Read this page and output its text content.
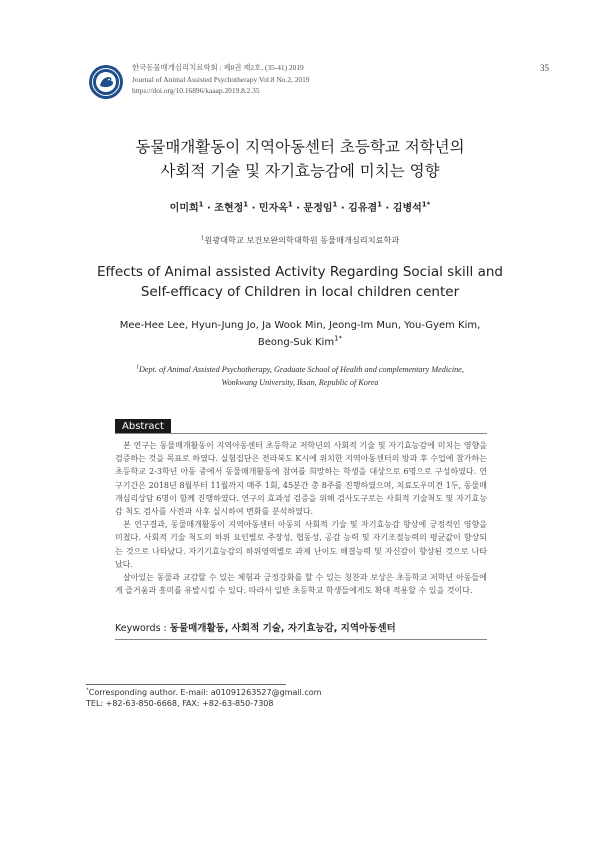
한국동물매개심리치료학회 : 제8권 제2호, (35-41) 2019
Journal of Animal Assisted Psychotherapy Vol.8 No.2, 2019
https://doi.org/10.16896/kaaap.2019.8.2.35
35
동물매개활동이 지역아동센터 초등학교 저학년의
사회적 기술 및 자기효능감에 미치는 영향
이미희$^1$ · 조현정$^1$ · 민자옥$^1$ · 문정임$^1$ · 김유겸$^1$ · 김병석$^{1*}$
$^1$원광대학교 보건보완의학대학원 동물매개심리치료학과
Effects of Animal assisted Activity Regarding Social skill and
Self-efficacy of Children in local children center
Mee-Hee Lee, Hyun-Jung Jo, Ja Wook Min, Jeong-Im Mun, You-Gyem Kim,
Beong-Suk Kim$^{1*}$
$^1$Dept. of Animal Assisted Psychotherapy, Graduate School of Health and complementary Medicine,
Wonkwang University, Iksan, Republic of Korea
Abstract

본 연구는 동물매개활동이 지역아동센터 초등학교 저학년의 사회적 기술 및 자기효능감에 미치는 영향을 검증하는 것을 목표로 하였다. 실험집단은 전라북도 K시에 위치한 지역아동센터의 방과 후 수업에 참가하는 초등학교 2-3학년 아동 중에서 동물매개활동에 참여를 희망하는 학생을 대상으로 6명으로 구성하였다. 연구기간은 2018년 8월부터 11월까지 매주 1회, 45분간 총 8주를 진행하였으며, 치료도우미견 1두, 동물매개심리상담 6명이 함께 진행하였다. 연구의 효과성 검증을 위해 검사도구로는 사회적 기술척도 및 자기효능감 척도 검사를 사전과 사후 실시하여 변화를 분석하였다.

본 연구결과, 동물매개활동이 지역아동센터 아동의 사회적 기술 및 자기효능감 향상에 긍정적인 영향을 미쳤다. 사회적 기술 척도의 하위 요인별로 주장성, 협동성, 공감 능력 및 자기조절능력의 평균값이 향상되는 것으로 나타났다. 자기기효능감의 하위영역별로 과제 난이도 해결능력 및 자신감이 향상된 것으로 나타났다.

살아있는 동물과 교감할 수 있는 체험과 긍정강화를 할 수 있는 칭찬과 보상은 초등학교 저학년 아동들에게 즐거움과 흥미를 유발시킬 수 있다. 따라서 일반 초등학교 학생들에게도 확대 적용할 수 있을 것이다.

Keywords : 동물매개활동, 사회적 기술, 자기효능감, 지역아동센터
*Corresponding author. E-mail: a01091263527@gmail.com
TEL: +82-63-850-6668, FAX: +82-63-850-7308
